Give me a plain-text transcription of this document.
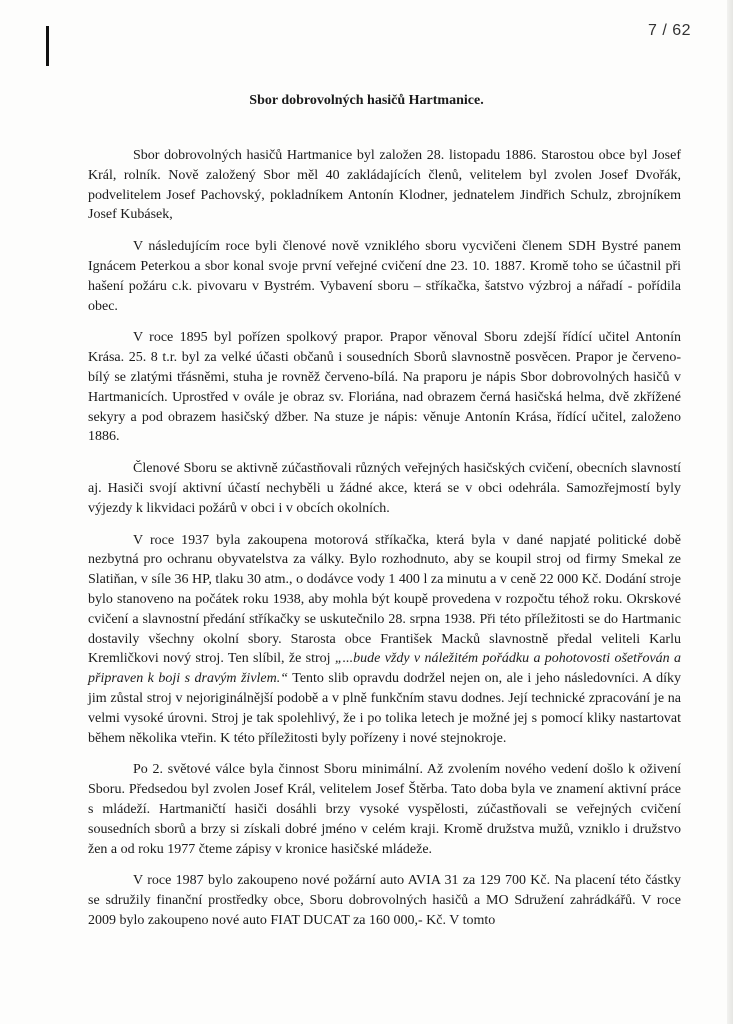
7 / 62
Sbor dobrovolných hasičů Hartmanice.

Sbor dobrovolných hasičů Hartmanice byl založen 28. listopadu 1886. Starostou obce byl Josef Král, rolník. Nově založený Sbor měl 40 zakládajících členů, velitelem byl zvolen Josef Dvořák, podvelitelem Josef Pachovský, pokladníkem Antonín Klodner, jednatelem Jindřich Schulz, zbrojníkem Josef Kubásek,

V následujícím roce byli členové nově vzniklého sboru vycvičeni členem SDH Bystré panem Ignácem Peterkou a sbor konal svoje první veřejné cvičení dne 23. 10. 1887. Kromě toho se účastnil při hašení požáru c.k. pivovaru v Bystrém. Vybavení sboru – stříkačka, šatstvo výzbroj a nářadí - pořídila obec.

V roce 1895 byl pořízen spolkový prapor. Prapor věnoval Sboru zdejší řídící učitel Antonín Krása. 25. 8 t.r. byl za velké účasti občanů i sousedních Sborů slavnostně posvěcen. Prapor je červeno-bílý se zlatými třásněmi, stuha je rovněž červeno-bílá. Na praporu je nápis Sbor dobrovolných hasičů v Hartmanicích. Uprostřed v ovále je obraz sv. Floriána, nad obrazem černá hasičská helma, dvě zkřížené sekyry a pod obrazem hasičský džber. Na stuze je nápis: věnuje Antonín Krása, řídící učitel, založeno 1886.

Členové Sboru se aktivně zúčastňovali různých veřejných hasičských cvičení, obecních slavností aj. Hasiči svojí aktivní účastí nechyběli u žádné akce, která se v obci odehrála. Samozřejmostí byly výjezdy k likvidaci požárů v obci i v obcích okolních.

V roce 1937 byla zakoupena motorová stříkačka, která byla v dané napjaté politické době nezbytná pro ochranu obyvatelstva za války. Bylo rozhodnuto, aby se koupil stroj od firmy Smekal ze Slatiňan, v síle 36 HP, tlaku 30 atm., o dodávce vody 1 400 l za minutu a v ceně 22 000 Kč. Dodání stroje bylo stanoveno na počátek roku 1938, aby mohla být koupě provedena v rozpočtu téhož roku. Okrskové cvičení a slavnostní předání stříkačky se uskutečnilo 28. srpna 1938. Při této příležitosti se do Hartmanic dostavily všechny okolní sbory. Starosta obce František Macků slavnostně předal veliteli Karlu Kremličkovi nový stroj. Ten slíbil, že stroj „...bude vždy v náležitém pořádku a pohotovosti ošetřován a připraven k boji s dravým živlem.“ Tento slib opravdu dodržel nejen on, ale i jeho následovníci. A díky jim zůstal stroj v nejoriginálnější podobě a v plně funkčním stavu dodnes. Její technické zpracování je na velmi vysoké úrovni. Stroj je tak spolehlivý, že i po tolika letech je možné jej s pomocí kliky nastartovat během několika vteřin. K této příležitosti byly pořízeny i nové stejnokroje.

Po 2. světové válce byla činnost Sboru minimální. Až zvolením nového vedení došlo k oživení Sboru. Předsedou byl zvolen Josef Král, velitelem Josef Štěrba. Tato doba byla ve znamení aktivní práce s mládeží. Hartmaničtí hasiči dosáhli brzy vysoké vyspělosti, zúčastňovali se veřejných cvičení sousedních sborů a brzy si získali dobré jméno v celém kraji. Kromě družstva mužů, vzniklo i družstvo žen a od roku 1977 čteme zápisy v kronice hasičské mládeže.

V roce 1987 bylo zakoupeno nové požární auto AVIA 31 za 129 700 Kč. Na placení této částky se sdružily finanční prostředky obce, Sboru dobrovolných hasičů a MO Sdružení zahrádkářů. V roce 2009 bylo zakoupeno nové auto FIAT DUCAT za 160 000,- Kč. V tomto
